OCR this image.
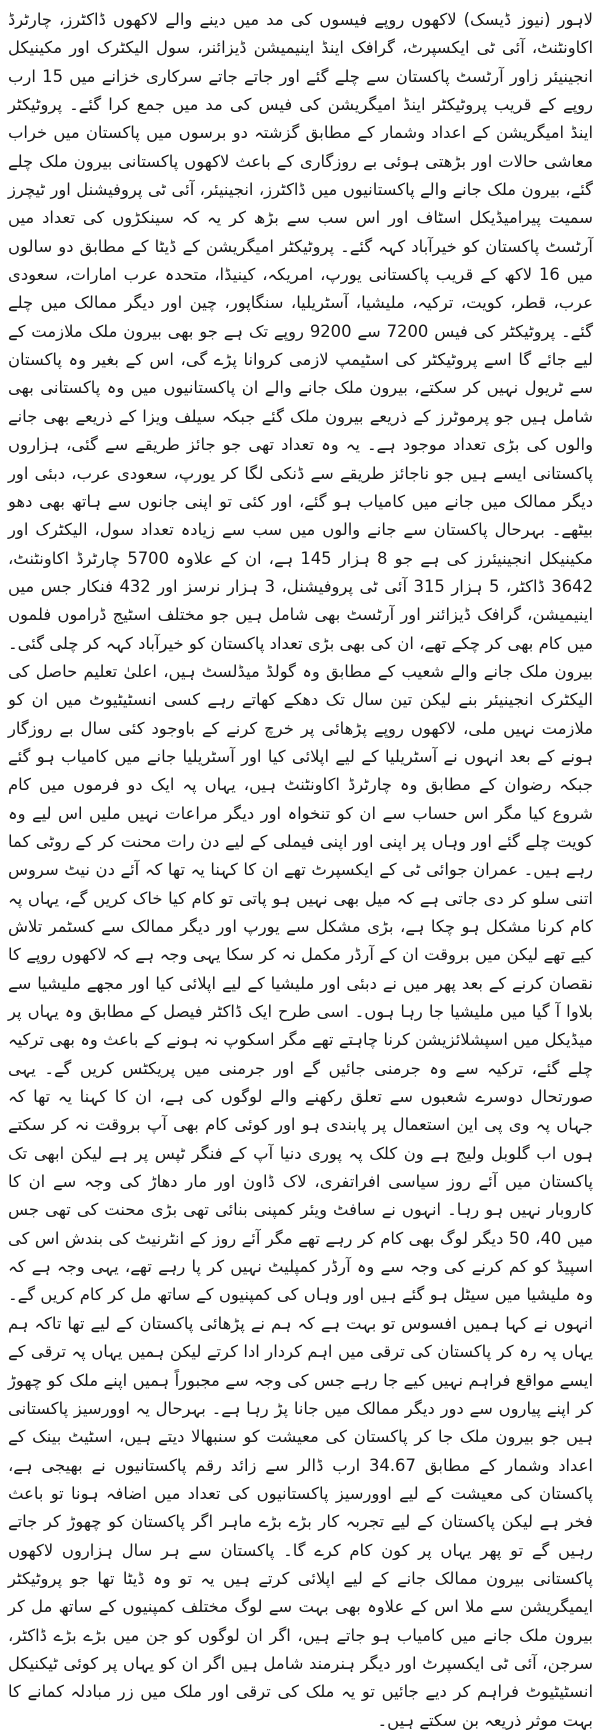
لاہور (نیوز ڈیسک) لاکھوں روپے فیسوں کی مد میں دینے والے لاکھوں ڈاکٹرز، چارٹرڈ اکاونٹنٹ، آئی ٹی ایکسپرٹ، گرافک اینڈ اینیمیشن ڈیزائنر، سول الیکٹرک اور مکینیکل انجینیئر زاور آرٹسٹ پاکستان سے چلے گئے اور جاتے جاتے سرکاری خزانے میں 15 ارب روپے کے قریب پروٹیکٹر اینڈ امیگریشن کی فیس کی مد میں جمع کرا گئے۔ پروٹیکٹر اینڈ امیگریشن کے اعداد وشمار کے مطابق گزشتہ دو برسوں میں پاکستان میں خراب معاشی حالات اور بڑھتی ہوئی بے روزگاری کے باعث لاکھوں پاکستانی بیرون ملک چلے گئے، بیرون ملک جانے والے پاکستانیوں میں ڈاکٹرز، انجینیئر، آئی ٹی پروفیشنل اور ٹیچرز سمیت پیرامیڈیکل اسٹاف اور اس سب سے بڑھ کر یہ کہ سینکڑوں کی تعداد میں آرٹسٹ پاکستان کو خیرآباد کہہ گئے۔ پروٹیکٹر امیگریشن کے ڈیٹا کے مطابق دو سالوں میں 16 لاکھ کے قریب پاکستانی یورپ، امریکہ، کینیڈا، متحدہ عرب امارات، سعودی عرب، قطر، کویت، ترکیہ، ملیشیا، آسٹریلیا، سنگاپور، چین اور دیگر ممالک میں چلے گئے۔ پروٹیکٹر کی فیس 7200 سے 9200 روپے تک ہے جو بھی بیرون ملک ملازمت کے لیے جائے گا اسے پروٹیکٹر کی اسٹیمپ لازمی کروانا پڑے گی، اس کے بغیر وہ پاکستان سے ٹریول نہیں کر سکتے، بیرون ملک جانے والے ان پاکستانیوں میں وہ پاکستانی بھی شامل ہیں جو پرموٹرز کے ذریعے بیرون ملک گئے جبکہ سیلف ویزا کے ذریعے بھی جانے والوں کی بڑی تعداد موجود ہے۔ یہ وہ تعداد تھی جو جائز طریقے سے گئی، ہزاروں پاکستانی ایسے ہیں جو ناجائز طریقے سے ڈنکی لگا کر یورپ، سعودی عرب، دبئی اور دیگر ممالک میں جانے میں کامیاب ہو گئے، اور کئی تو اپنی جانوں سے ہاتھ بھی دھو بیٹھے۔ بہرحال پاکستان سے جانے والوں میں سب سے زیادہ تعداد سول، الیکٹرک اور مکینیکل انجینیئرز کی ہے جو 8 ہزار 145 ہے، ان کے علاوہ 5700 چارٹرڈ اکاونٹنٹ، 3642 ڈاکٹر، 5 ہزار 315 آئی ٹی پروفیشنل، 3 ہزار نرسز اور 432 فنکار جس میں اینیمیشن، گرافک ڈیزائنر اور آرٹسٹ بھی شامل ہیں جو مختلف اسٹیج ڈراموں فلموں میں کام بھی کر چکے تھے، ان کی بھی بڑی تعداد پاکستان کو خیرآباد کہہ کر چلی گئی۔ بیرون ملک جانے والے شعیب کے مطابق وہ گولڈ میڈلسٹ ہیں، اعلیٰ تعلیم حاصل کی الیکٹرک انجینیئر بنے لیکن تین سال تک دھکے کھاتے رہے کسی انسٹیٹیوٹ میں ان کو ملازمت نہیں ملی، لاکھوں روپے پڑھائی پر خرچ کرنے کے باوجود کئی سال بے روزگار ہونے کے بعد انہوں نے آسٹریلیا کے لیے اپلائی کیا اور آسٹریلیا جانے میں کامیاب ہو گئے جبکہ رضوان کے مطابق وہ چارٹرڈ اکاونٹنٹ ہیں، یہاں پہ ایک دو فرموں میں کام شروع کیا مگر اس حساب سے ان کو تنخواہ اور دیگر مراعات نہیں ملیں اس لیے وہ کویت چلے گئے اور وہاں پر اپنی اور اپنی فیملی کے لیے دن رات محنت کر کے روٹی کما رہے ہیں۔ عمران جوائی ٹی کے ایکسپرٹ تھے ان کا کہنا یہ تھا کہ آئے دن نیٹ سروس اتنی سلو کر دی جاتی ہے کہ میل بھی نہیں ہو پاتی تو کام کیا خاک کریں گے، یہاں پہ کام کرنا مشکل ہو چکا ہے، بڑی مشکل سے یورپ اور دیگر ممالک سے کسٹمر تلاش کیے تھے لیکن میں بروقت ان کے آرڈر مکمل نہ کر سکا یہی وجہ ہے کہ لاکھوں روپے کا نقصان کرنے کے بعد پھر میں نے دبئی اور ملیشیا کے لیے اپلائی کیا اور مجھے ملیشیا سے بلاوا آ گیا میں ملیشیا جا رہا ہوں۔ اسی طرح ایک ڈاکٹر فیصل کے مطابق وہ یہاں پر میڈیکل میں اسپشلائزیشن کرنا چاہتے تھے مگر اسکوپ نہ ہونے کے باعث وہ بھی ترکیہ چلے گئے، ترکیہ سے وہ جرمنی جائیں گے اور جرمنی میں پریکٹس کریں گے۔ یہی صورتحال دوسرے شعبوں سے تعلق رکھنے والے لوگوں کی ہے، ان کا کہنا یہ تھا کہ جہاں پہ وی پی این استعمال پر پابندی ہو اور کوئی کام بھی آپ بروقت نہ کر سکتے ہوں اب گلوبل ولیج ہے ون کلک پہ پوری دنیا آپ کے فنگر ٹپس پر ہے لیکن ابھی تک پاکستان میں آئے روز سیاسی افراتفری، لاک ڈاون اور مار دھاڑ کی وجہ سے ان کا کاروبار نہیں ہو رہا۔ انہوں نے سافٹ ویئر کمپنی بنائی تھی بڑی محنت کی تھی جس میں 40، 50 دیگر لوگ بھی کام کر رہے تھے مگر آئے روز کے انٹرنیٹ کی بندش اس کی اسپیڈ کو کم کرنے کی وجہ سے وہ آرڈر کمپلیٹ نہیں کر پا رہے تھے، یہی وجہ ہے کہ وہ ملیشیا میں سیٹل ہو گئے ہیں اور وہاں کی کمپنیوں کے ساتھ مل کر کام کریں گے۔ انہوں نے کہا ہمیں افسوس تو بہت ہے کہ ہم نے پڑھائی پاکستان کے لیے تھا تاکہ ہم یہاں پہ رہ کر پاکستان کی ترقی میں اہم کردار ادا کرتے لیکن ہمیں یہاں پہ ترقی کے ایسے مواقع فراہم نہیں کیے جا رہے جس کی وجہ سے مجبوراً ہمیں اپنے ملک کو چھوڑ کر اپنے پیاروں سے دور دیگر ممالک میں جانا پڑ رہا ہے۔ بہرحال یہ اوورسیز پاکستانی ہیں جو بیرون ملک جا کر پاکستان کی معیشت کو سنبھالا دیتے ہیں، اسٹیٹ بینک کے اعداد وشمار کے مطابق 34.67 ارب ڈالر سے زائد رقم پاکستانیوں نے بھیجی ہے، پاکستان کی معیشت کے لیے اوورسیز پاکستانیوں کی تعداد میں اضافہ ہونا تو باعث فخر ہے لیکن پاکستان کے لیے تجربہ کار بڑے بڑے ماہر اگر پاکستان کو چھوڑ کر جاتے رہیں گے تو پھر یہاں پر کون کام کرے گا۔ پاکستان سے ہر سال ہزاروں لاکھوں پاکستانی بیرون ممالک جانے کے لیے اپلائی کرتے ہیں یہ تو وہ ڈیٹا تھا جو پروٹیکٹر ایمیگریشن سے ملا اس کے علاوہ بھی بہت سے لوگ مختلف کمپنیوں کے ساتھ مل کر بیرون ملک جانے میں کامیاب ہو جاتے ہیں، اگر ان لوگوں کو جن میں بڑے بڑے ڈاکٹر، سرجن، آئی ٹی ایکسپرٹ اور دیگر ہنرمند شامل ہیں اگر ان کو یہاں پر کوئی ٹیکنیکل انسٹیٹیوٹ فراہم کر دیے جائیں تو یہ ملک کی ترقی اور ملک میں زر مبادلہ کمانے کا بہت موثر ذریعہ بن سکتے ہیں۔
